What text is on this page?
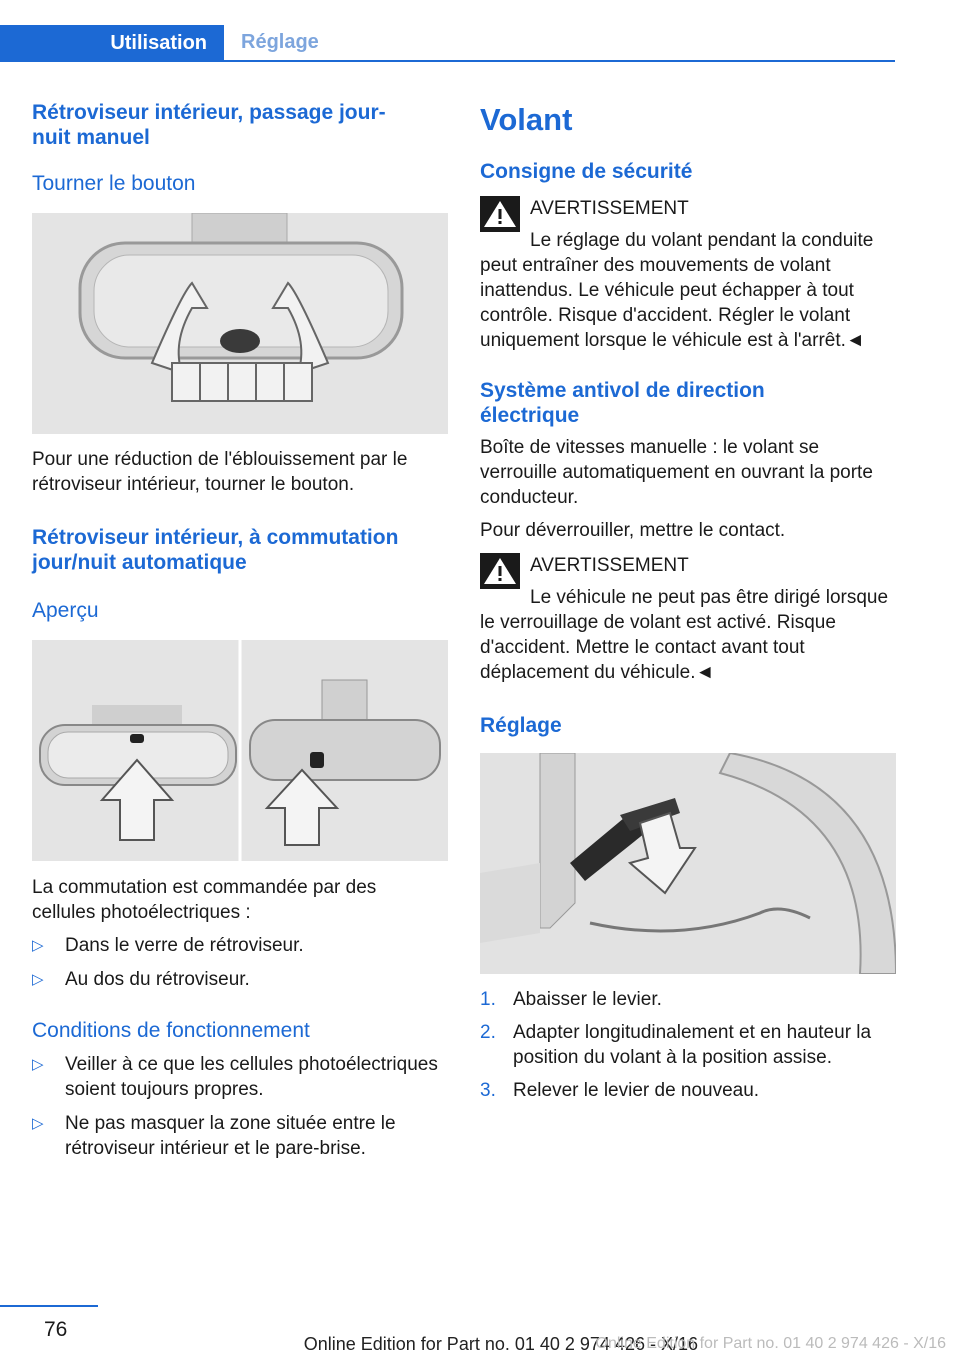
Utilisation	Réglage
Rétroviseur intérieur, passage jour-nuit manuel
Tourner le bouton

Pour une réduction de l'éblouissement par le rétroviseur intérieur, tourner le bouton.

Rétroviseur intérieur, à commutation jour/nuit automatique
Aperçu

La commutation est commandée par des cellules photoélectriques :

▷ Dans le verre de rétroviseur.
▷ Au dos du rétroviseur.
Conditions de fonctionnement
▷ Veiller à ce que les cellules photoélectriques soient toujours propres.
▷ Ne pas masquer la zone située entre le rétroviseur intérieur et le pare-brise.
Volant
Consigne de sécurité
AVERTISSEMENT

Le réglage du volant pendant la conduite peut entraîner des mouvements de volant inattendus. Le véhicule peut échapper à tout contrôle. Risque d'accident. Régler le volant uniquement lorsque le véhicule est à l'arrêt.◄

Système antivol de direction électrique

Boîte de vitesses manuelle : le volant se verrouille automatiquement en ouvrant la porte conducteur.

Pour déverrouiller, mettre le contact.

AVERTISSEMENT

Le véhicule ne peut pas être dirigé lorsque le verrouillage de volant est activé. Risque d'accident. Mettre le contact avant tout déplacement du véhicule.◄

Réglage
1. Abaisser le levier.
2. Adapter longitudinalement et en hauteur la position du volant à la position assise.
3. Relever le levier de nouveau.
76
Online Edition for Part no. 01 40 2 974 426 - X/16
Online Edition for Part no. 01 40 2 974 426 - X/16
